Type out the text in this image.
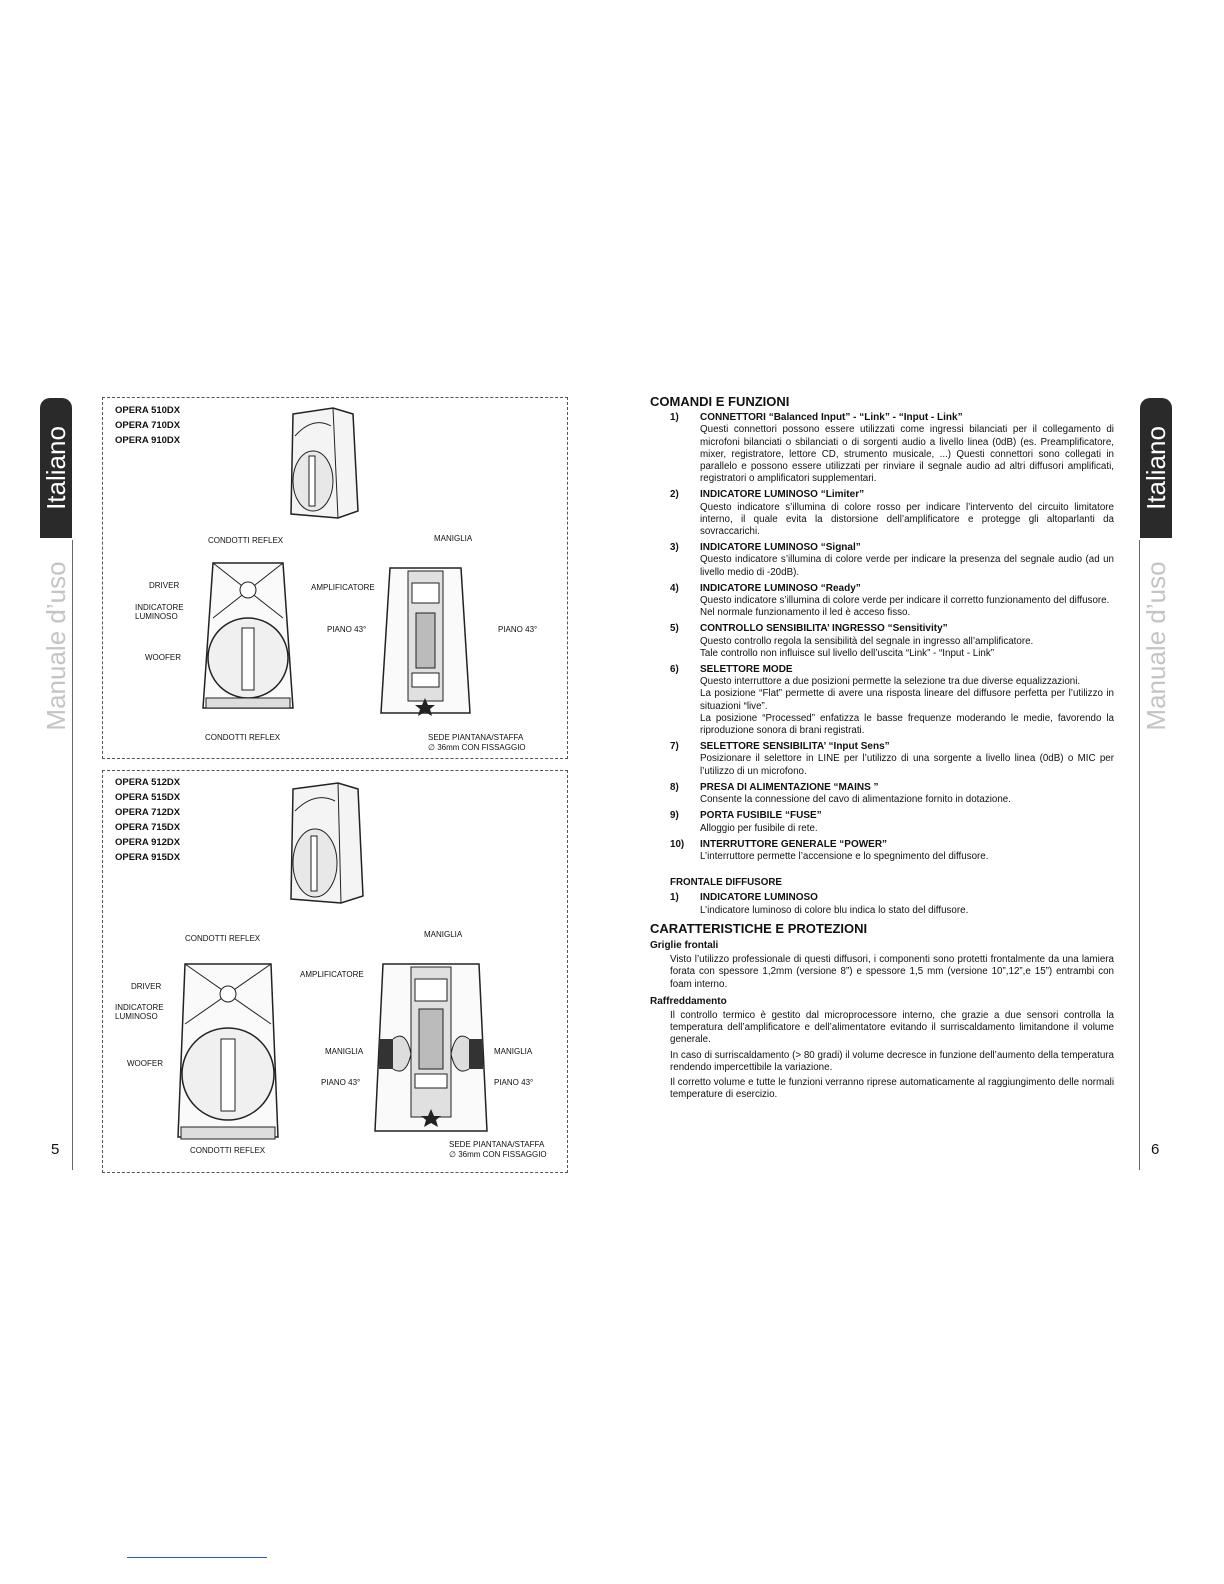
Italiano
Manuale d’uso
5
Italiano
Manuale d’uso
6
OPERA 510DX
OPERA 710DX
OPERA 910DX
CONDOTTI REFLEX	MANIGLIA
DRIVER	AMPLIFICATORE
INDICATORE
LUMINOSO
PIANO 43°	PIANO 43°
WOOFER
CONDOTTI REFLEX	SEDE PIANTANA/STAFFA
∅ 36mm CON FISSAGGIO
OPERA 512DX
OPERA 515DX
OPERA 712DX
OPERA 715DX
OPERA 912DX
OPERA 915DX
CONDOTTI REFLEX	MANIGLIA
AMPLIFICATORE
DRIVER
INDICATORE
LUMINOSO
MANIGLIA	MANIGLIA
WOOFER
PIANO 43°	PIANO 43°
CONDOTTI REFLEX
SEDE PIANTANA/STAFFA
∅ 36mm CON FISSAGGIO
COMANDI E FUNZIONI
1) CONNETTORI “Balanced Input” - “Link” - “Input - Link”
Questi connettori possono essere utilizzati come ingressi bilanciati per il collegamento di microfoni bilanciati o sbilanciati o di sorgenti audio a livello linea (0dB) (es. Preamplificatore, mixer, registratore, lettore CD, strumento musicale, ...) Questi connettori sono collegati in parallelo e possono essere utilizzati per rinviare il segnale audio ad altri diffusori amplificati, registratori o amplificatori supplementari.
2) INDICATORE LUMINOSO “Limiter”
Questo indicatore s’illumina di colore rosso per indicare l’intervento del circuito limitatore interno, il quale evita la distorsione dell’amplificatore e protegge gli altoparlanti da sovraccarichi.
3) INDICATORE LUMINOSO “Signal”
Questo indicatore s’illumina di colore verde per indicare la presenza del segnale audio (ad un livello medio di -20dB).
4) INDICATORE LUMINOSO “Ready”
Questo indicatore s’illumina di colore verde per indicare il corretto funzionamento del diffusore.
Nel normale funzionamento il led è acceso fisso.
5) CONTROLLO SENSIBILITA’ INGRESSO “Sensitivity”
Questo controllo regola la sensibilità del segnale in ingresso all’amplificatore.
Tale controllo non influisce sul livello dell’uscita “Link” - “Input - Link”
6) SELETTORE MODE
Questo interruttore a due posizioni permette la selezione tra due diverse equalizzazioni.
La posizione “Flat” permette di avere una risposta lineare del diffusore perfetta per l’utilizzo in situazioni “live”.
La posizione “Processed” enfatizza le basse frequenze moderando le medie, favorendo la riproduzione sonora di brani registrati.
7) SELETTORE SENSIBILITA’ “Input Sens”
Posizionare il selettore in LINE per l’utilizzo di una sorgente a livello linea (0dB) o MIC per l’utilizzo di un microfono.
8) PRESA DI ALIMENTAZIONE “MAINS ”
Consente la connessione del cavo di alimentazione fornito in dotazione.
9) PORTA FUSIBILE “FUSE”
Alloggio per fusibile di rete.
10) INTERRUTTORE GENERALE “POWER”
L’interruttore permette l’accensione e lo spegnimento del diffusore.
FRONTALE DIFFUSORE
1) INDICATORE LUMINOSO
L’indicatore luminoso di colore blu indica lo stato del diffusore.
CARATTERISTICHE E PROTEZIONI
Griglie frontali
Visto l’utilizzo professionale di questi diffusori, i componenti sono protetti frontalmente da una lamiera forata con spessore 1,2mm (versione 8”) e spessore 1,5 mm (versione 10”,12”,e 15”) entrambi con foam interno.
Raffreddamento
Il controllo termico è gestito dal microprocessore interno, che grazie a due sensori controlla la temperatura dell’amplificatore e dell’alimentatore evitando il surriscaldamento limitandone il volume generale.
In caso di surriscaldamento (> 80 gradi) il volume decresce in funzione dell’aumento della temperatura rendendo impercettibile la variazione.
Il corretto volume e tutte le funzioni verranno riprese automaticamente al raggiungimento delle normali temperature di esercizio.
